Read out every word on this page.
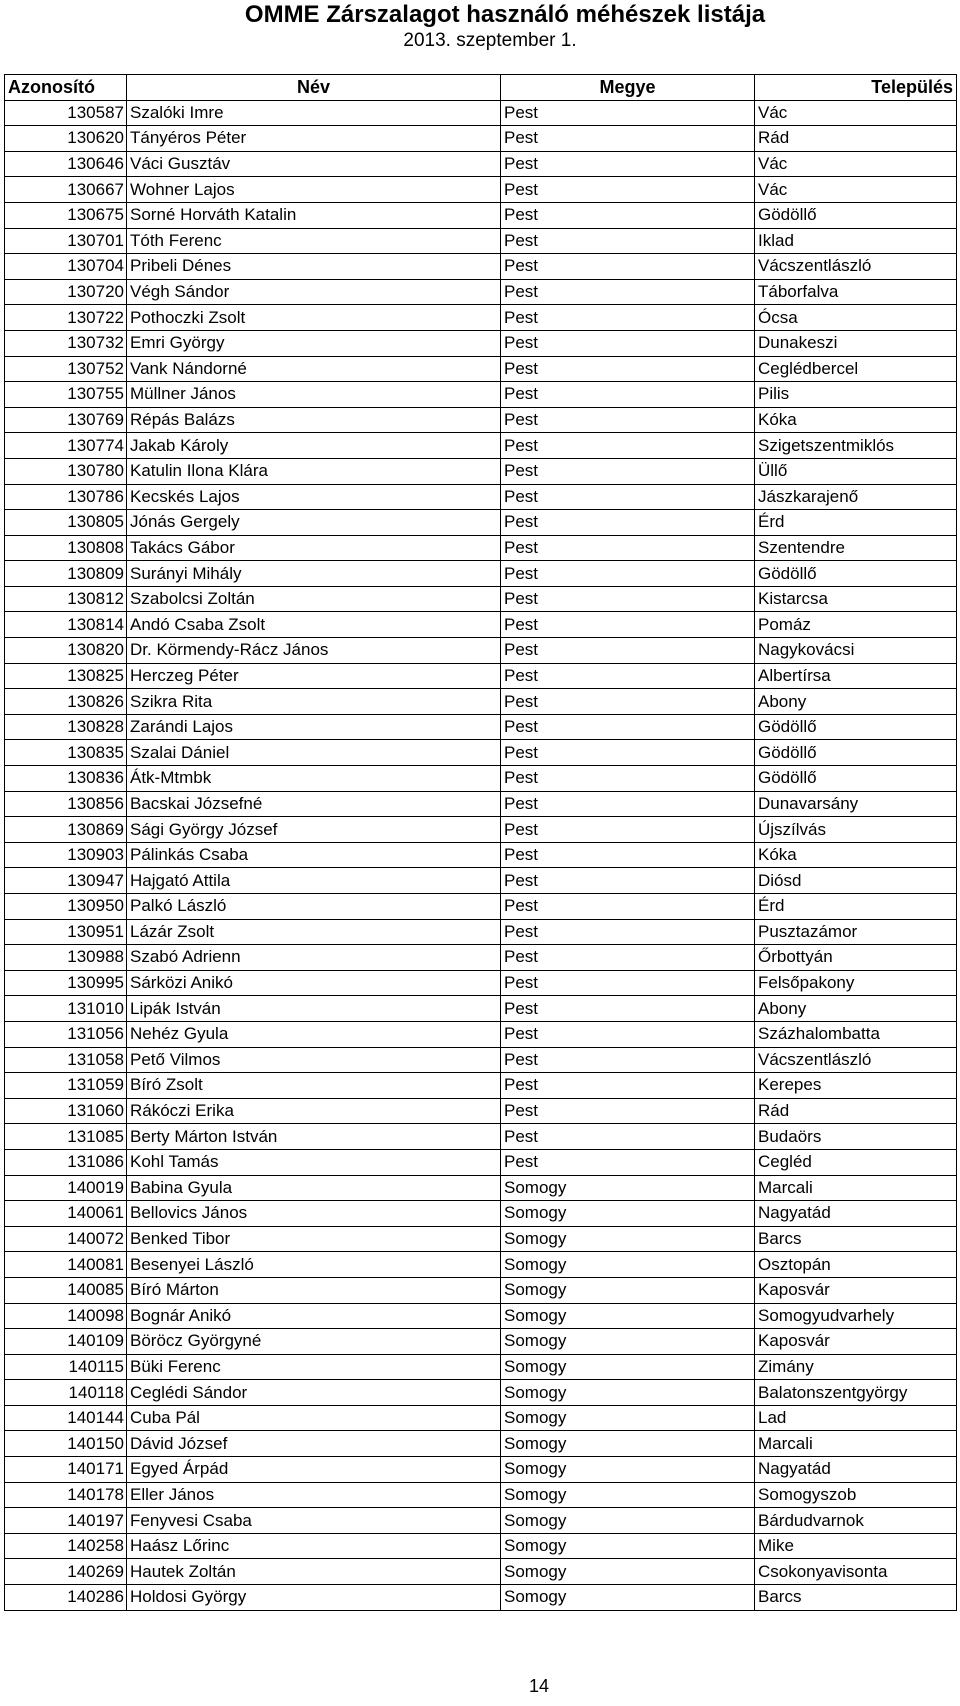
OMME Zárszalagot használó méhészek listája
2013. szeptember 1.
Azonosító	Név	Megye	Település
130587	Szalóki Imre	Pest	Vác
130620	Tányéros Péter	Pest	Rád
130646	Váci Gusztáv	Pest	Vác
130667	Wohner Lajos	Pest	Vác
130675	Sorné Horváth Katalin	Pest	Gödöllő
130701	Tóth Ferenc	Pest	Iklad
130704	Pribeli Dénes	Pest	Vácszentlászló
130720	Végh Sándor	Pest	Táborfalva
130722	Pothoczki Zsolt	Pest	Ócsa
130732	Emri György	Pest	Dunakeszi
130752	Vank Nándorné	Pest	Ceglédbercel
130755	Müllner János	Pest	Pilis
130769	Répás Balázs	Pest	Kóka
130774	Jakab Károly	Pest	Szigetszentmiklós
130780	Katulin Ilona Klára	Pest	Üllő
130786	Kecskés Lajos	Pest	Jászkarajenő
130805	Jónás Gergely	Pest	Érd
130808	Takács Gábor	Pest	Szentendre
130809	Surányi Mihály	Pest	Gödöllő
130812	Szabolcsi Zoltán	Pest	Kistarcsa
130814	Andó Csaba Zsolt	Pest	Pomáz
130820	Dr. Körmendy-Rácz János	Pest	Nagykovácsi
130825	Herczeg Péter	Pest	Albertírsa
130826	Szikra Rita	Pest	Abony
130828	Zarándi Lajos	Pest	Gödöllő
130835	Szalai Dániel	Pest	Gödöllő
130836	Átk-Mtmbk	Pest	Gödöllő
130856	Bacskai Józsefné	Pest	Dunavarsány
130869	Sági György József	Pest	Újszílvás
130903	Pálinkás Csaba	Pest	Kóka
130947	Hajgató Attila	Pest	Diósd
130950	Palkó László	Pest	Érd
130951	Lázár Zsolt	Pest	Pusztazámor
130988	Szabó Adrienn	Pest	Őrbottyán
130995	Sárközi Anikó	Pest	Felsőpakony
131010	Lipák István	Pest	Abony
131056	Nehéz Gyula	Pest	Százhalombatta
131058	Pető Vilmos	Pest	Vácszentlászló
131059	Bíró Zsolt	Pest	Kerepes
131060	Rákóczi Erika	Pest	Rád
131085	Berty Márton István	Pest	Budaörs
131086	Kohl Tamás	Pest	Cegléd
140019	Babina Gyula	Somogy	Marcali
140061	Bellovics János	Somogy	Nagyatád
140072	Benked Tibor	Somogy	Barcs
140081	Besenyei László	Somogy	Osztopán
140085	Bíró Márton	Somogy	Kaposvár
140098	Bognár Anikó	Somogy	Somogyudvarhely
140109	Böröcz Györgyné	Somogy	Kaposvár
140115	Büki Ferenc	Somogy	Zimány
140118	Ceglédi Sándor	Somogy	Balatonszentgyörgy
140144	Cuba Pál	Somogy	Lad
140150	Dávid József	Somogy	Marcali
140171	Egyed Árpád	Somogy	Nagyatád
140178	Eller János	Somogy	Somogyszob
140197	Fenyvesi Csaba	Somogy	Bárdudvarnok
140258	Haász Lőrinc	Somogy	Mike
140269	Hautek Zoltán	Somogy	Csokonyavisonta
140286	Holdosi György	Somogy	Barcs
14
